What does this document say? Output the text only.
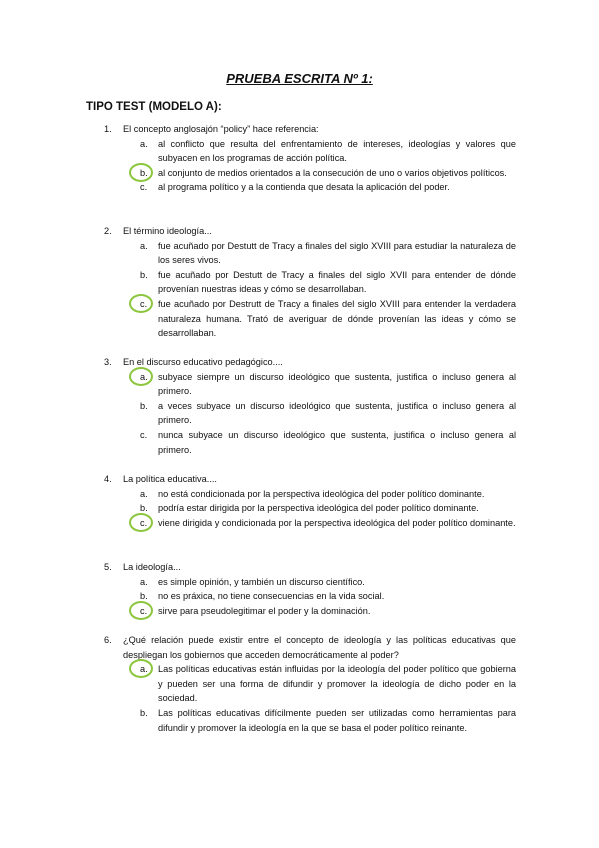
PRUEBA ESCRITA Nº 1:
TIPO TEST (MODELO A):
1.	El concepto anglosajón “policy” hace referencia:
a.	al conflicto que resulta del enfrentamiento de intereses, ideologías y valores que subyacen en los programas de acción política.
b.	al conjunto de medios orientados a la consecución de uno o varios objetivos políticos.
c.	al programa político y a la contienda que desata la aplicación del poder.
2.	El término ideología...
a.	fue acuñado por Destutt de Tracy a finales del siglo XVIII para estudiar la naturaleza de los seres vivos.
b.	fue acuñado por Destutt de Tracy a finales del siglo XVII para entender de dónde provenían nuestras ideas y cómo se desarrollaban.
c.	fue acuñado por Destrutt de Tracy a finales del siglo XVIII para entender la verdadera naturaleza humana. Trató de averiguar de dónde provenían las ideas y cómo se desarrollaban.
3.	En el discurso educativo pedagógico....
a.	subyace siempre un discurso ideológico que sustenta, justifica o incluso genera al primero.
b.	a veces subyace un discurso ideológico que sustenta, justifica o incluso genera al primero.
c.	nunca subyace un discurso ideológico que sustenta, justifica o incluso genera al primero.
4.	La política educativa....
a.	no está condicionada por la perspectiva ideológica del poder político dominante.
b.	podría estar dirigida por la perspectiva ideológica del poder político dominante.
c.	viene dirigida y condicionada por la perspectiva ideológica del poder político dominante.
5.	La ideología...
a.	es simple opinión, y también un discurso científico.
b.	no es práxica, no tiene consecuencias en la vida social.
c.	sirve para pseudolegitimar el poder y la dominación.
6.	¿Qué relación puede existir entre el concepto de ideología y las políticas educativas que despliegan los gobiernos que acceden democráticamente al poder?
a.	Las políticas educativas están influidas por la ideología del poder político que gobierna y pueden ser una forma de difundir y promover la ideología de dicho poder en la sociedad.
b.	Las políticas educativas difícilmente pueden ser utilizadas como herramientas para difundir y promover la ideología en la que se basa el poder político reinante.
